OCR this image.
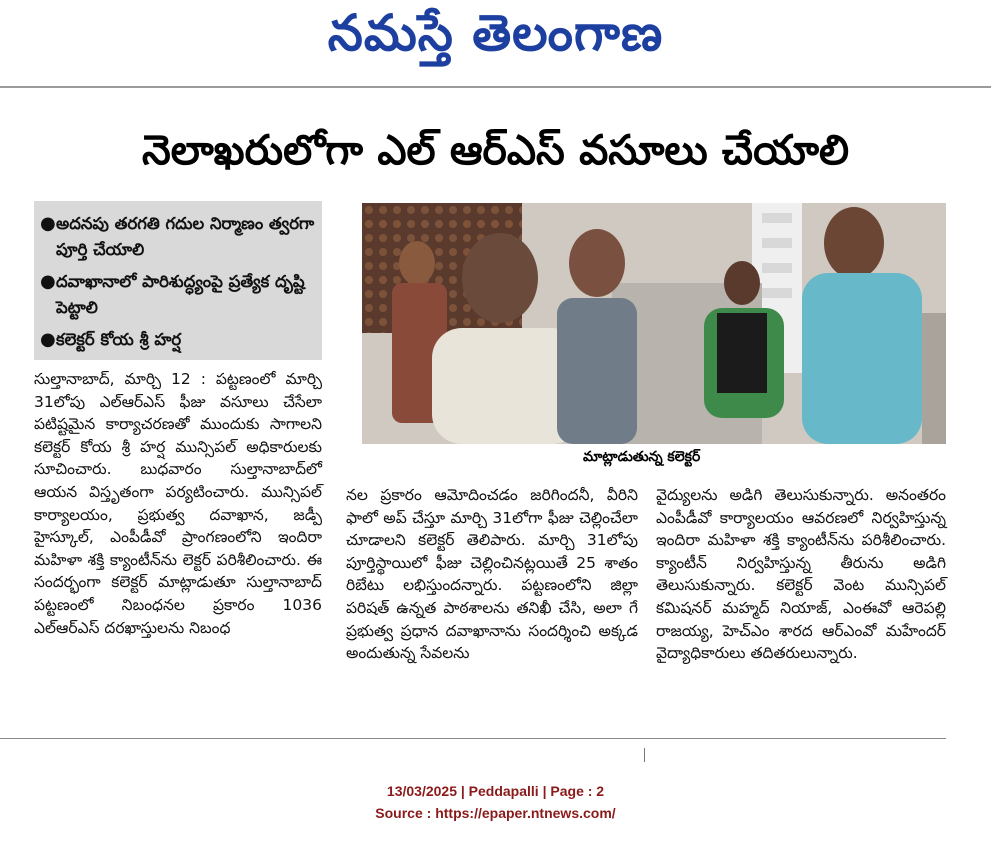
నమస్తే తెలంగాణ
నెలాఖరులోగా ఎల్ ఆర్ఎస్ వసూలు చేయాలి
● అదనపు తరగతి గదుల నిర్మాణం త్వరగా పూర్తి చేయాలి
● దవాఖానాలో పారిశుద్ధ్యంపై ప్రత్యేక దృష్టి పెట్టాలి
● కలెక్టర్ కోయ శ్రీ హర్ష
మాట్లాడుతున్న కలెక్టర్

సుల్తానాబాద్, మార్చి 12 : పట్టణంలో మార్చి 31లోపు ఎల్ఆర్ఎస్ ఫీజు వసూలు చేసేలా పటిష్టమైన కార్యాచరణతో ముందుకు సాగాలని కలెక్టర్ కోయ శ్రీ హర్ష మున్సిపల్ అధికారులకు సూచించారు. బుధవారం సుల్తానాబాద్‌లో ఆయన విస్తృతంగా పర్యటించారు. మున్సిపల్ కార్యాలయం, ప్రభుత్వ దవాఖాన, జడ్పీ హైస్కూల్, ఎంపీడీవో ప్రాంగణంలోని ఇందిరా మహిళా శక్తి క్యాంటీన్‌ను లెక్టర్ పరిశీలించారు. ఈ సందర్భంగా కలెక్టర్ మాట్లాడుతూ సుల్తానాబాద్ పట్టణంలో నిబంధనల ప్రకారం 1036 ఎల్ఆర్ఎస్ దరఖాస్తులను నిబంధ

నల ప్రకారం ఆమోదించడం జరిగిందనీ, వీరిని ఫాలో అప్ చేస్తూ మార్చి 31లోగా ఫీజు చెల్లించేలా చూడాలని కలెక్టర్ తెలిపారు. మార్చి 31లోపు పూర్తిస్థాయిలో ఫీజు చెల్లించినట్లయితే 25 శాతం రిబేటు లభిస్తుందన్నారు. పట్టణంలోని జిల్లా పరిషత్ ఉన్నత పాఠశాలను తనిఖీ చేసి, అలా గే ప్రభుత్వ ప్రధాన దవాఖానాను సందర్శించి అక్కడ అందుతున్న సేవలను

వైద్యులను అడిగి తెలుసుకున్నారు. అనంతరం ఎంపీడీవో కార్యాలయం ఆవరణలో నిర్వహిస్తున్న ఇందిరా మహిళా శక్తి క్యాంటీన్‌ను పరిశీలించారు. క్యాంటీన్ నిర్వహిస్తున్న తీరును అడిగి తెలుసుకున్నారు. కలెక్టర్ వెంట మున్సిపల్ కమిషనర్ మహ్మద్ నియాజ్, ఎంఈవో ఆరెపల్లి రాజయ్య, హెచ్ఎం శారద ఆర్ఎంవో మహేందర్ వైద్యాధికారులు తదితరులున్నారు.

13/03/2025 | Peddapalli | Page : 2
Source : https://epaper.ntnews.com/
